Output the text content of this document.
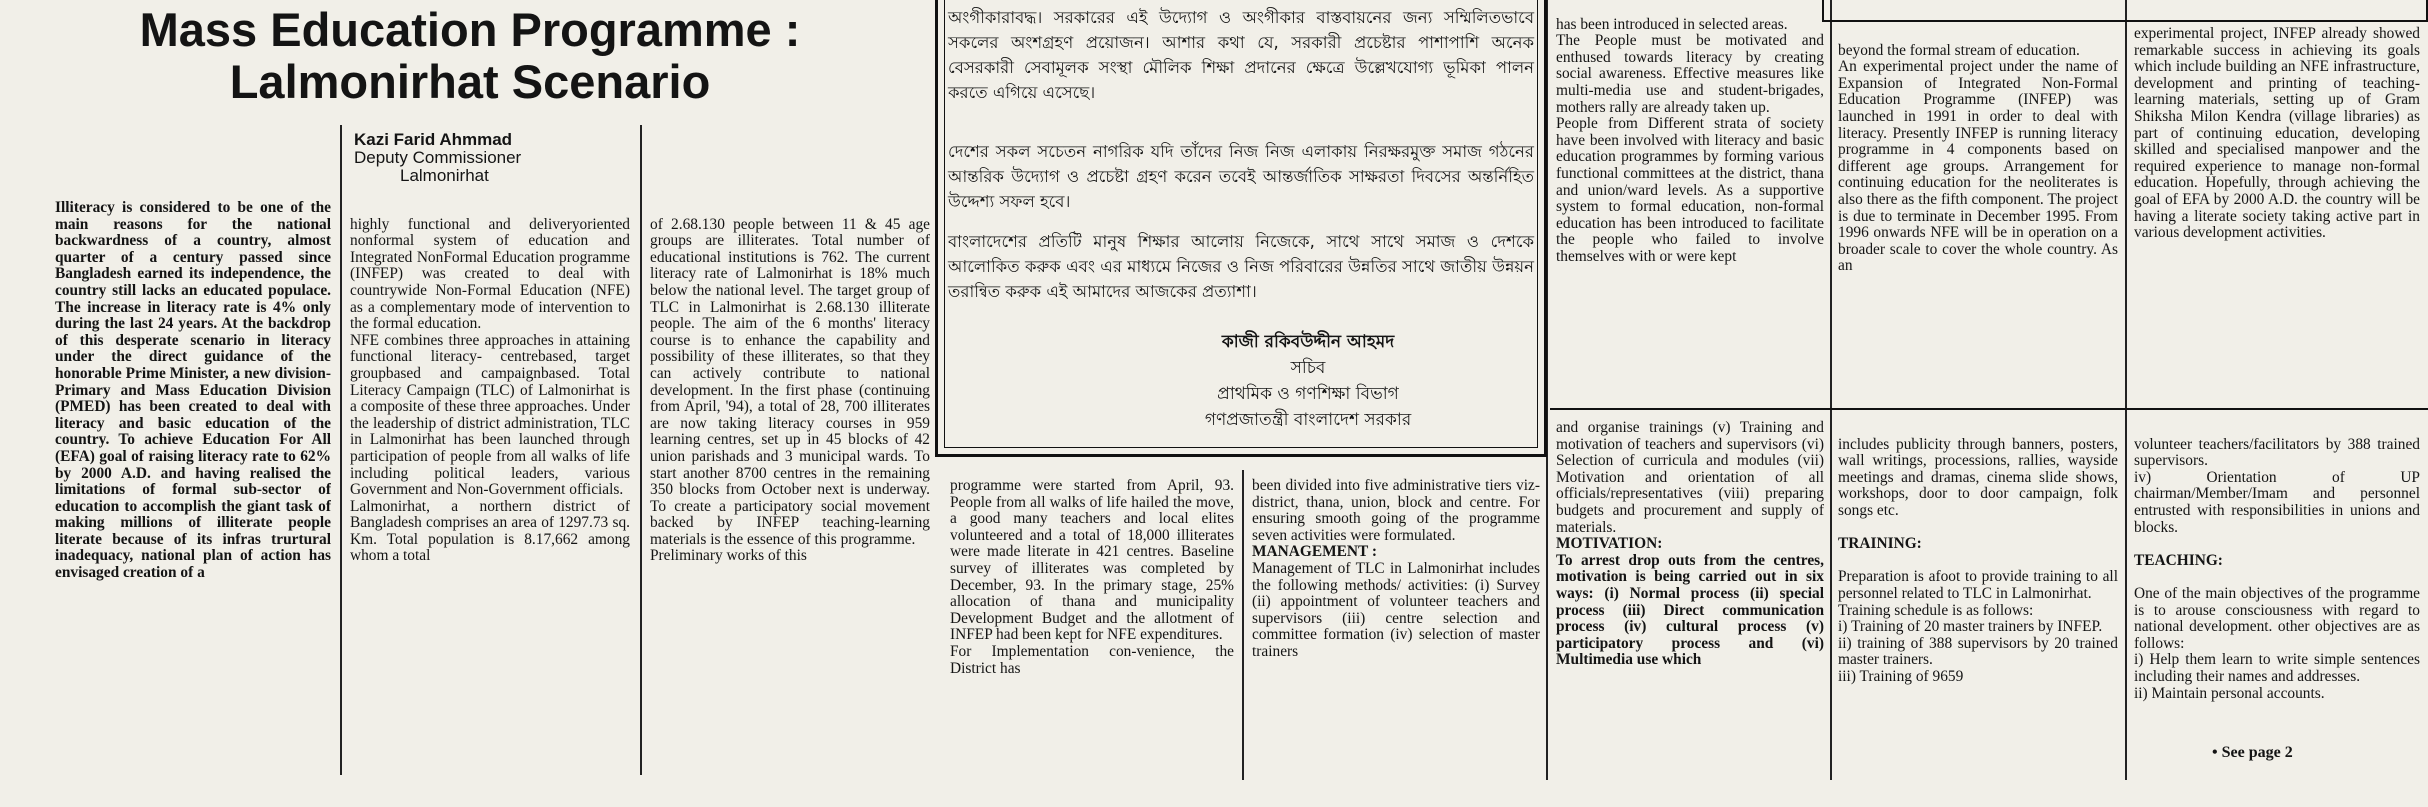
Mass Education Programme :
Lalmonirhat Scenario
Kazi Farid Ahmmad
Deputy Commissioner
Lalmonirhat

Illiteracy is considered to be one of the main reasons for the national backwardness of a country, almost quarter of a century passed since Bangladesh earned its independence, the country still lacks an educated populace. The increase in literacy rate is 4% only during the last 24 years. At the backdrop of this desperate scenario in literacy under the direct guidance of the honorable Prime Minister, a new division-Primary and Mass Education Division (PMED) has been created to deal with literacy and basic education of the country. To achieve Education For All (EFA) goal of raising literacy rate to 62% by 2000 A.D. and having realised the limitations of formal sub-sector of education to accomplish the giant task of making millions of illiterate people literate because of its infras trurtural inadequacy, national plan of action has envisaged creation of a

highly functional and deliveryoriented nonformal system of education and Integrated NonFormal Education programme (INFEP) was created to deal with countrywide Non-Formal Education (NFE) as a complementary mode of intervention to the formal education.
NFE combines three approaches in attaining functional literacy- centrebased, target groupbased and campaignbased. Total Literacy Campaign (TLC) of Lalmonirhat is a composite of these three approaches. Under the leadership of district administration, TLC in Lalmonirhat has been launched through participation of people from all walks of life including political leaders, various Government and Non-Government officials.
Lalmonirhat, a northern district of Bangladesh comprises an area of 1297.73 sq. Km. Total population is 8.17,662 among whom a total

of 2.68.130 people between 11 & 45 age groups are illiterates. Total number of educational institutions is 762. The current literacy rate of Lalmonirhat is 18% much below the national level. The target group of TLC in Lalmonirhat is 2.68.130 illiterate people. The aim of the 6 months' literacy course is to enhance the capability and possibility of these illiterates, so that they can actively contribute to national development. In the first phase (continuing from April, '94), a total of 28, 700 illiterates are now taking literacy courses in 959 learning centres, set up in 45 blocks of 42 union parishads and 3 municipal wards. To start another 8700 centres in the remaining 350 blocks from October next is underway. To create a participatory social movement backed by INFEP teaching-learning materials is the essence of this programme.
Preliminary works of this

অংগীকারাবদ্ধ। সরকারের এই উদ্যোগ ও অংগীকার বাস্তবায়নের জন্য সম্মিলিতভাবে সকলের অংশগ্রহণ প্রয়োজন। আশার কথা যে, সরকারী প্রচেষ্টার পাশাপাশি অনেক বেসরকারী সেবামূলক সংস্থা মৌলিক শিক্ষা প্রদানের ক্ষেত্রে উল্লেখযোগ্য ভূমিকা পালন করতে এগিয়ে এসেছে।

দেশের সকল সচেতন নাগরিক যদি তাঁদের নিজ নিজ এলাকায় নিরক্ষরমুক্ত সমাজ গঠনের আন্তরিক উদ্যোগ ও প্রচেষ্টা গ্রহণ করেন তবেই আন্তর্জাতিক সাক্ষরতা দিবসের অন্তর্নিহিত উদ্দেশ্য সফল হবে।

বাংলাদেশের প্রতিটি মানুষ শিক্ষার আলোয় নিজেকে, সাথে সাথে সমাজ ও দেশকে আলোকিত করুক এবং এর মাধ্যমে নিজের ও নিজ পরিবারের উন্নতির সাথে জাতীয় উন্নয়ন তরান্বিত করুক এই আমাদের আজকের প্রত্যাশা।

কাজী রকিবউদ্দীন আহমদ
সচিব
প্রাথমিক ও গণশিক্ষা বিভাগ
গণপ্রজাতন্ত্রী বাংলাদেশ সরকার

programme were started from April, 93. People from all walks of life hailed the move, a good many teachers and local elites volunteered and a total of 18,000 illiterates were made literate in 421 centres. Baseline survey of illiterates was completed by December, 93. In the primary stage, 25% allocation of thana and municipality Development Budget and the allotment of INFEP had been kept for NFE expenditures.

For Implementation con-venience, the District has

been divided into five administrative tiers viz-district, thana, union, block and centre. For ensuring smooth going of the programme seven activities were formulated.

MANAGEMENT :

Management of TLC in Lalmonirhat includes the following methods/ activities: (i) Survey (ii) appointment of volunteer teachers and supervisors (iii) centre selection and committee formation (iv) selection of master trainers

has been introduced in selected areas.
The People must be motivated and enthused towards literacy by creating social awareness. Effective measures like multi-media use and student-brigades, mothers rally are already taken up.
People from Different strata of society have been involved with literacy and basic education programmes by forming various functional committees at the district, thana and union/ward levels. As a supportive system to formal education, non-formal education has been introduced to facilitate the people who failed to involve themselves with or were kept

and organise trainings (v) Training and motivation of teachers and supervisors (vi) Selection of curricula and modules (vii) Motivation and orientation of all officials/representatives (viii) preparing budgets and procurement and supply of materials.

MOTIVATION:

To arrest drop outs from the centres, motivation is being carried out in six ways: (i) Normal process (ii) special process (iii) Direct communication process (iv) cultural process (v) participatory process and (vi) Multimedia use which

beyond the formal stream of education.
An experimental project under the name of Expansion of Integrated Non-Formal Education Programme (INFEP) was launched in 1991 in order to deal with literacy. Presently INFEP is running literacy programme in 4 components based on different age groups. Arrangement for continuing education for the neoliterates is also there as the fifth component. The project is due to terminate in December 1995. From 1996 onwards NFE will be in operation on a broader scale to cover the whole country. As an

includes publicity through banners, posters, wall writings, processions, rallies, wayside meetings and dramas, cinema slide shows, workshops, door to door campaign, folk songs etc.

TRAINING:

Preparation is afoot to provide training to all personnel related to TLC in Lalmonirhat.
Training schedule is as follows:
i) Training of 20 master trainers by INFEP.
ii) training of 388 supervisors by 20 trained master trainers.
iii) Training of 9659

experimental project, INFEP already showed remarkable success in achieving its goals which include building an NFE infrastructure, development and printing of teaching-learning materials, setting up of Gram Shiksha Milon Kendra (village libraries) as part of continuing education, developing skilled and specialised manpower and the required experience to manage non-formal education. Hopefully, through achieving the goal of EFA by 2000 A.D. the country will be having a literate society taking active part in various development activities.

volunteer teachers/facilitators by 388 trained supervisors.
iv) Orientation of UP chairman/Member/Imam and personnel entrusted with responsibilities in unions and blocks.

TEACHING:

One of the main objectives of the programme is to arouse consciousness with regard to national development. other objectives are as follows:
i) Help them learn to write simple sentences including their names and addresses.
ii) Maintain personal accounts.

• See page 2
